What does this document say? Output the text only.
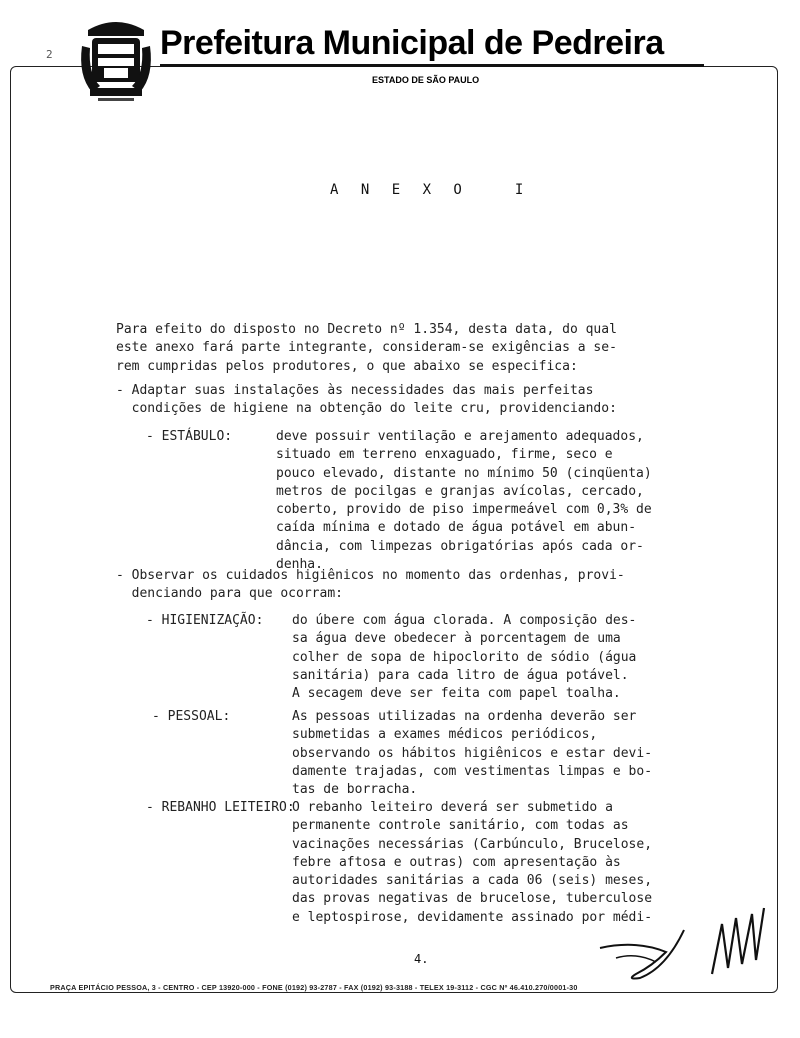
Prefeitura Municipal de Pedreira
ESTADO DE SÃO PAULO
2
A N E X O	I

Para efeito do disposto no Decreto nº 1.354, desta data, do qual
este anexo fará parte integrante, consideram-se exigências a se-
rem cumpridas pelos produtores, o que abaixo se especifica:

- Adaptar suas instalações às necessidades das mais perfeitas
condições de higiene na obtenção do leite cru, providenciando:

- ESTÁBULO:	deve possuir ventilação e arejamento adequados,
situado em terreno enxaguado, firme, seco e
pouco elevado, distante no mínimo 50 (cinqüenta)
metros de pocilgas e granjas avícolas, cercado,
coberto, provido de piso impermeável com 0,3% de
caída mínima e dotado de água potável em abun-
dância, com limpezas obrigatórias após cada or-
denha.

- Observar os cuidados higiênicos no momento das ordenhas, provi-
denciando para que ocorram:

- HIGIENIZAÇÃO: do úbere com água clorada. A composição des-
sa água deve obedecer à porcentagem de uma
colher de sopa de hipoclorito de sódio (água
sanitária) para cada litro de água potável.
A secagem deve ser feita com papel toalha.

- PESSOAL:	As pessoas utilizadas na ordenha deverão ser
submetidas a exames médicos periódicos,
observando os hábitos higiênicos e estar devi-
damente trajadas, com vestimentas limpas e bo-
tas de borracha.

- REBANHO LEITEIRO:

O rebanho leiteiro deverá ser submetido a
permanente controle sanitário, com todas as
vacinações necessárias (Carbúnculo, Brucelose,
febre aftosa e outras) com apresentação às
autoridades sanitárias a cada 06 (seis) meses,
das provas negativas de brucelose, tuberculose
e leptospirose, devidamente assinado por médi-

4.
PRAÇA EPITÁCIO PESSOA, 3 - CENTRO - CEP 13920-000 - FONE (0192) 93-2787 - FAX (0192) 93-3188 - TELEX 19-3112 - CGC Nº 46.410.270/0001-30
